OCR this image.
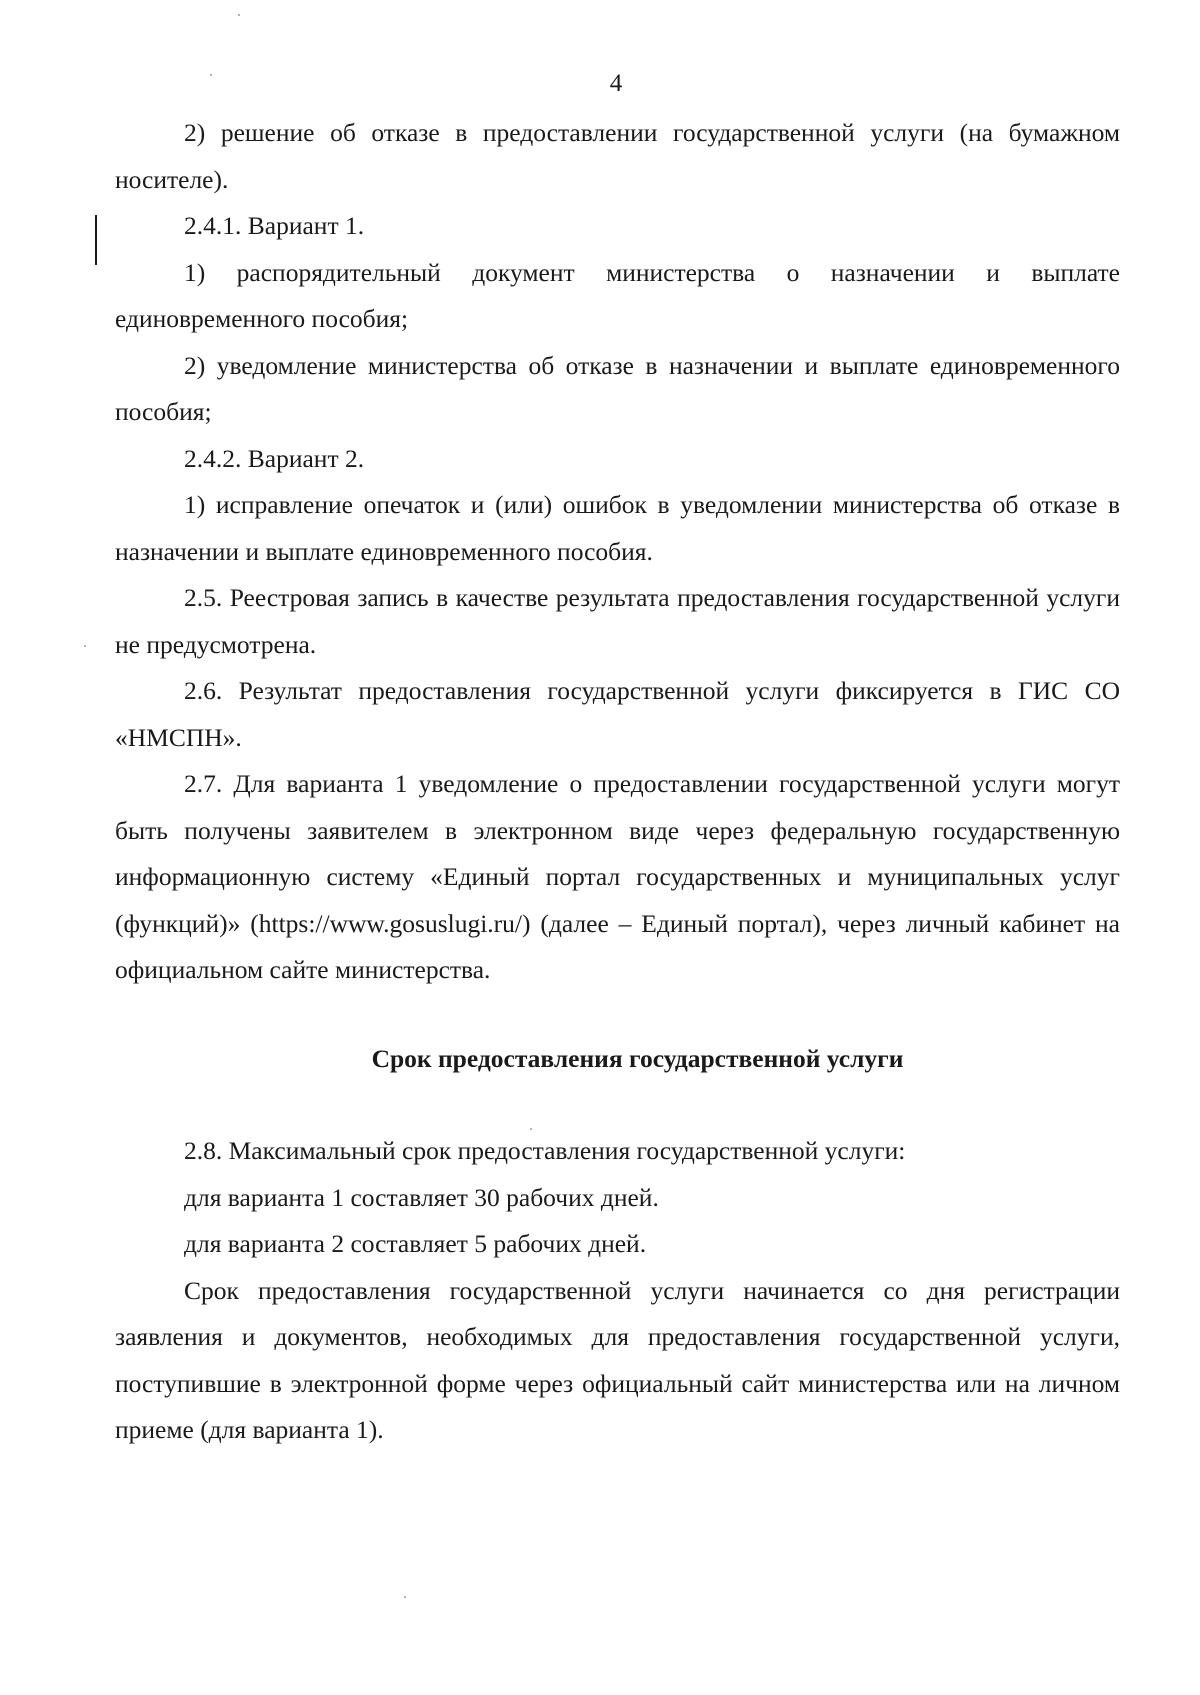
4

2) решение об отказе в предоставлении государственной услуги (на бумажном носителе).

2.4.1. Вариант 1.

1) распорядительный документ министерства о назначении и выплате единовременного пособия;

2) уведомление министерства об отказе в назначении и выплате единовременного пособия;

2.4.2. Вариант 2.

1) исправление опечаток и (или) ошибок в уведомлении министерства об отказе в назначении и выплате единовременного пособия.

2.5. Реестровая запись в качестве результата предоставления государственной услуги не предусмотрена.

2.6. Результат предоставления государственной услуги фиксируется в ГИС СО «НМСПН».

2.7. Для варианта 1 уведомление о предоставлении государственной услуги могут быть получены заявителем в электронном виде через федеральную государственную информационную систему «Единый портал государственных и муниципальных услуг (функций)» (https://www.gosuslugi.ru/) (далее – Единый портал), через личный кабинет на официальном сайте министерства.

Срок предоставления государственной услуги

2.8. Максимальный срок предоставления государственной услуги:

для варианта 1 составляет 30 рабочих дней.

для варианта 2 составляет 5 рабочих дней.

Срок предоставления государственной услуги начинается со дня регистрации заявления и документов, необходимых для предоставления государственной услуги, поступившие в электронной форме через официальный сайт министерства или на личном приеме (для варианта 1).
